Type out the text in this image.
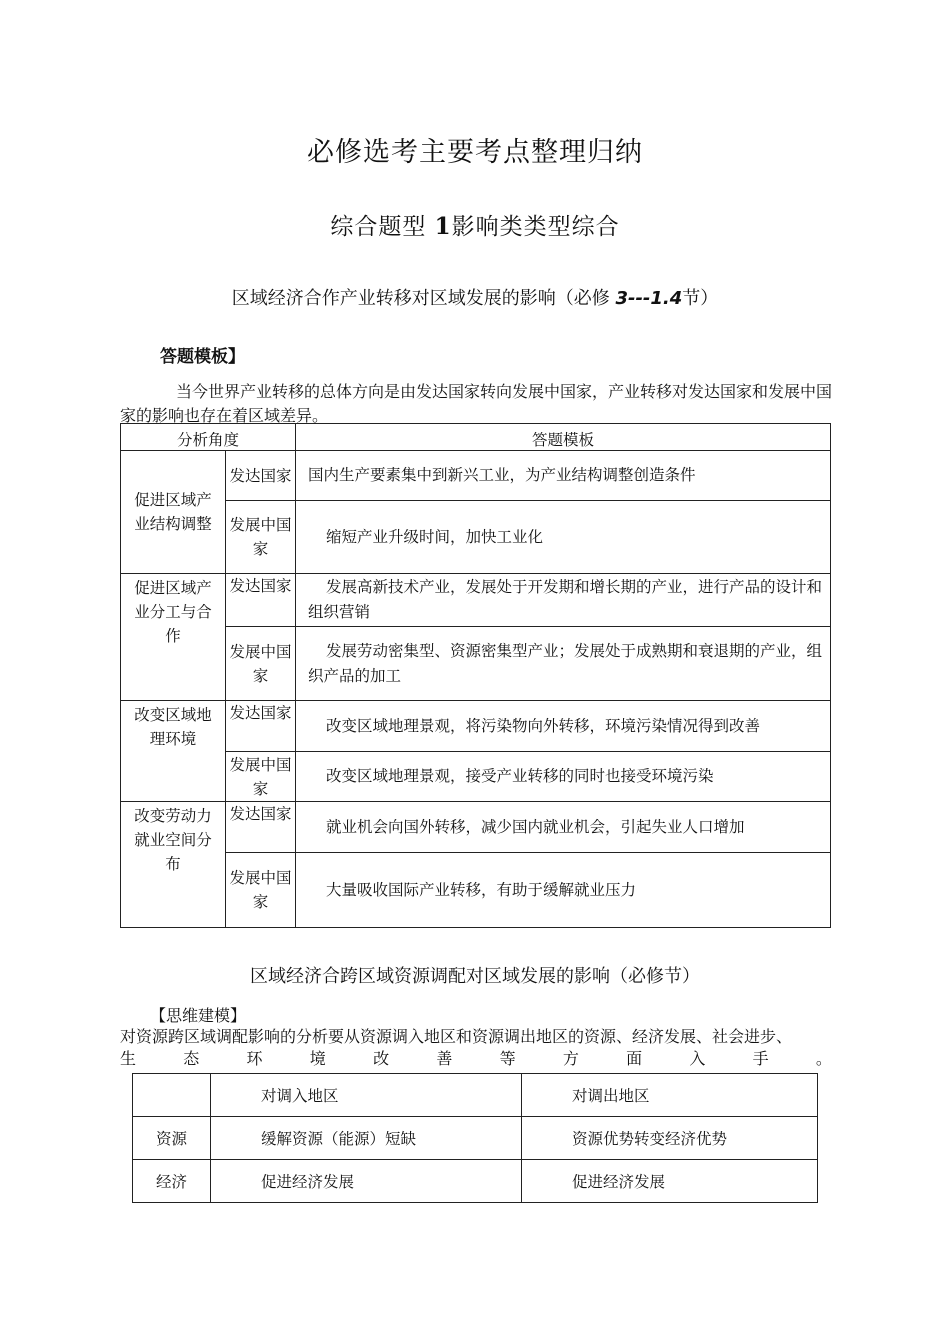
必修选考主要考点整理归纳
综合题型 1影响类类型综合
区域经济合作产业转移对区域发展的影响（必修 3---1.4节）
答题模板】
当今世界产业转移的总体方向是由发达国家转向发展中国家，产业转移对发达国家和发展中国家的影响也存在着区域差异。
分析角度		答题模板
促进区域产业结构调整	发达国家	国内生产要素集中到新兴工业，为产业结构调整创造条件
	发展中国家	缩短产业升级时间，加快工业化
促进区域产业分工与合作	发达国家	发展高新技术产业，发展处于开发期和增长期的产业，进行产品的设计和组织营销
	发展中国家	发展劳动密集型、资源密集型产业；发展处于成熟期和衰退期的产业，组织产品的加工
改变区域地理环境	发达国家	改变区域地理景观，将污染物向外转移，环境污染情况得到改善
	发展中国家	改变区域地理景观，接受产业转移的同时也接受环境污染
改变劳动力就业空间分布	发达国家	就业机会向国外转移，减少国内就业机会，引起失业人口增加
	发展中国家	大量吸收国际产业转移，有助于缓解就业压力
区域经济合跨区域资源调配对区域发展的影响（必修节）
【思维建模】
对资源跨区域调配影响的分析要从资源调入地区和资源调出地区的资源、经济发展、社会进步、
生	态	环	境	改	善	等	方	面	入	手	。
	对调入地区	对调出地区
资源	缓解资源（能源）短缺	资源优势转变经济优势
经济	促进经济发展	促进经济发展
